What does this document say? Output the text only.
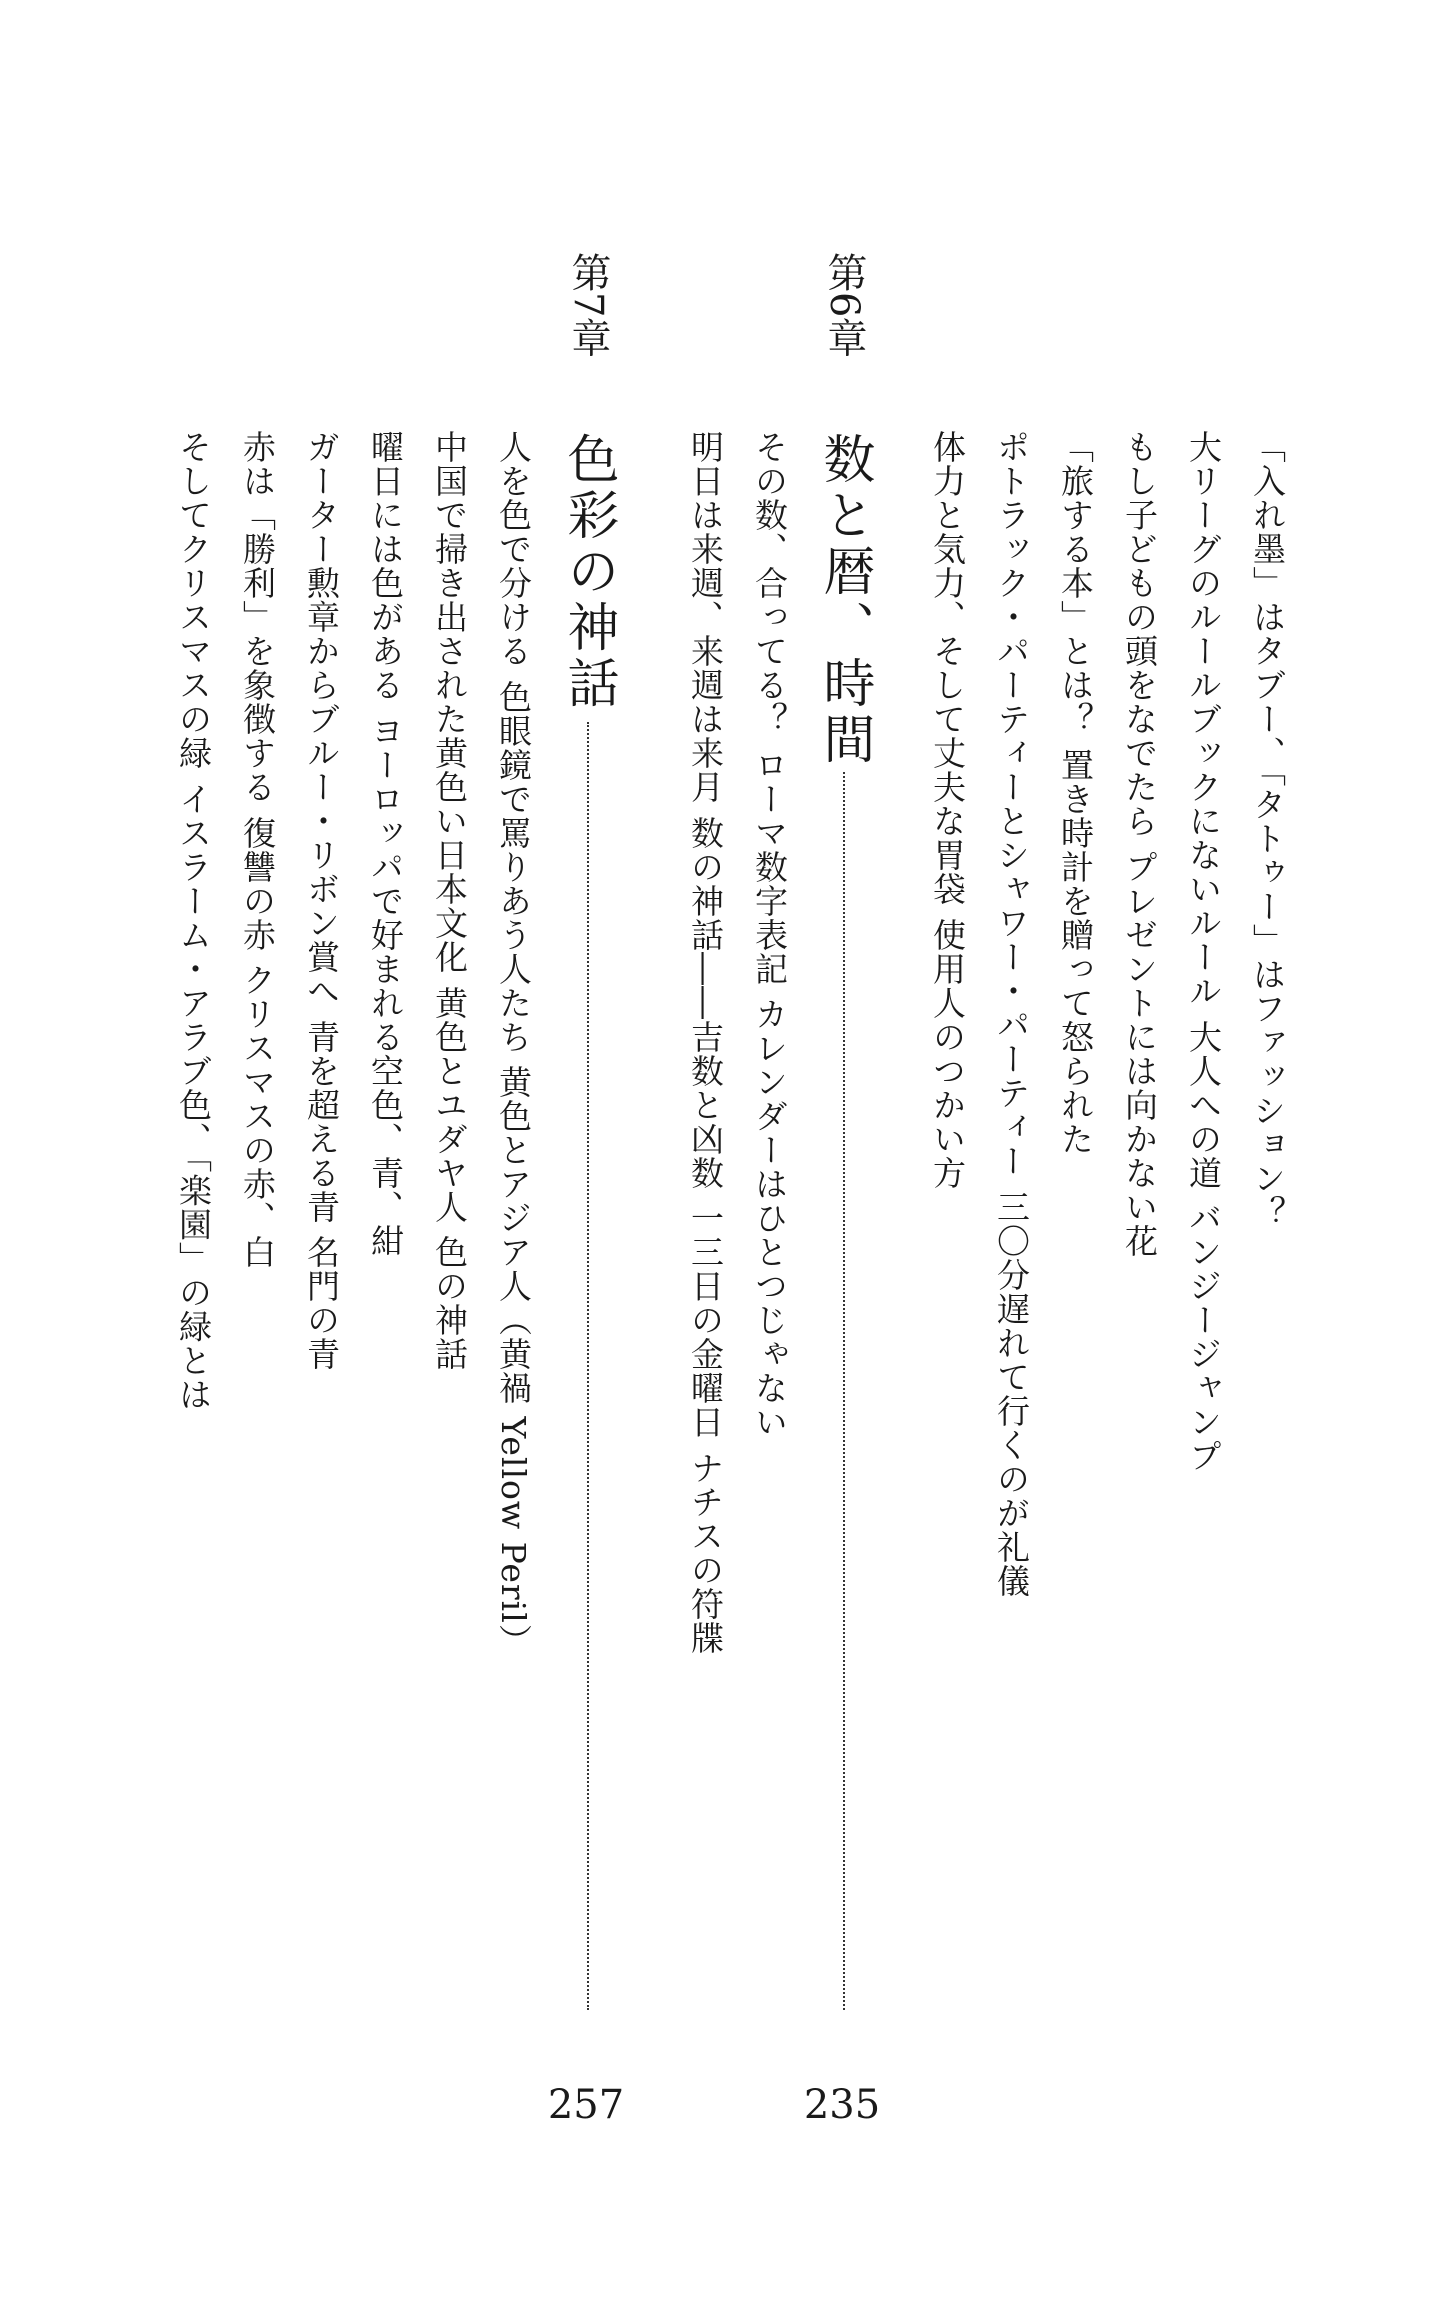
「入れ墨」はタブー、「タトゥー」はファッション？
大リーグのルールブックにないルール 大人への道 バンジージャンプ
もし子どもの頭をなでたら プレゼントには向かない花
「旅する本」とは？ 置き時計を贈って怒られた
ポトラック・パーティーとシャワー・パーティー 三〇分遅れて行くのが礼儀
体力と気力、そして丈夫な胃袋 使用人のつかい方
第6章
数と暦、時間
235
その数、合ってる？ ローマ数字表記 カレンダーはひとつじゃない
明日は来週、来週は来月 数の神話――吉数と凶数 一三日の金曜日 ナチスの符牒
第7章
色彩の神話
257
人を色で分ける 色眼鏡で罵りあう人たち 黄色とアジア人（黄禍 Yellow Peril）
中国で掃き出された黄色い日本文化 黄色とユダヤ人 色の神話
曜日には色がある ヨーロッパで好まれる空色、青、紺
ガーター勲章からブルー・リボン賞へ 青を超える青 名門の青
赤は「勝利」を象徴する 復讐の赤 クリスマスの赤、白
そしてクリスマスの緑 イスラーム・アラブ色、「楽園」の緑とは
